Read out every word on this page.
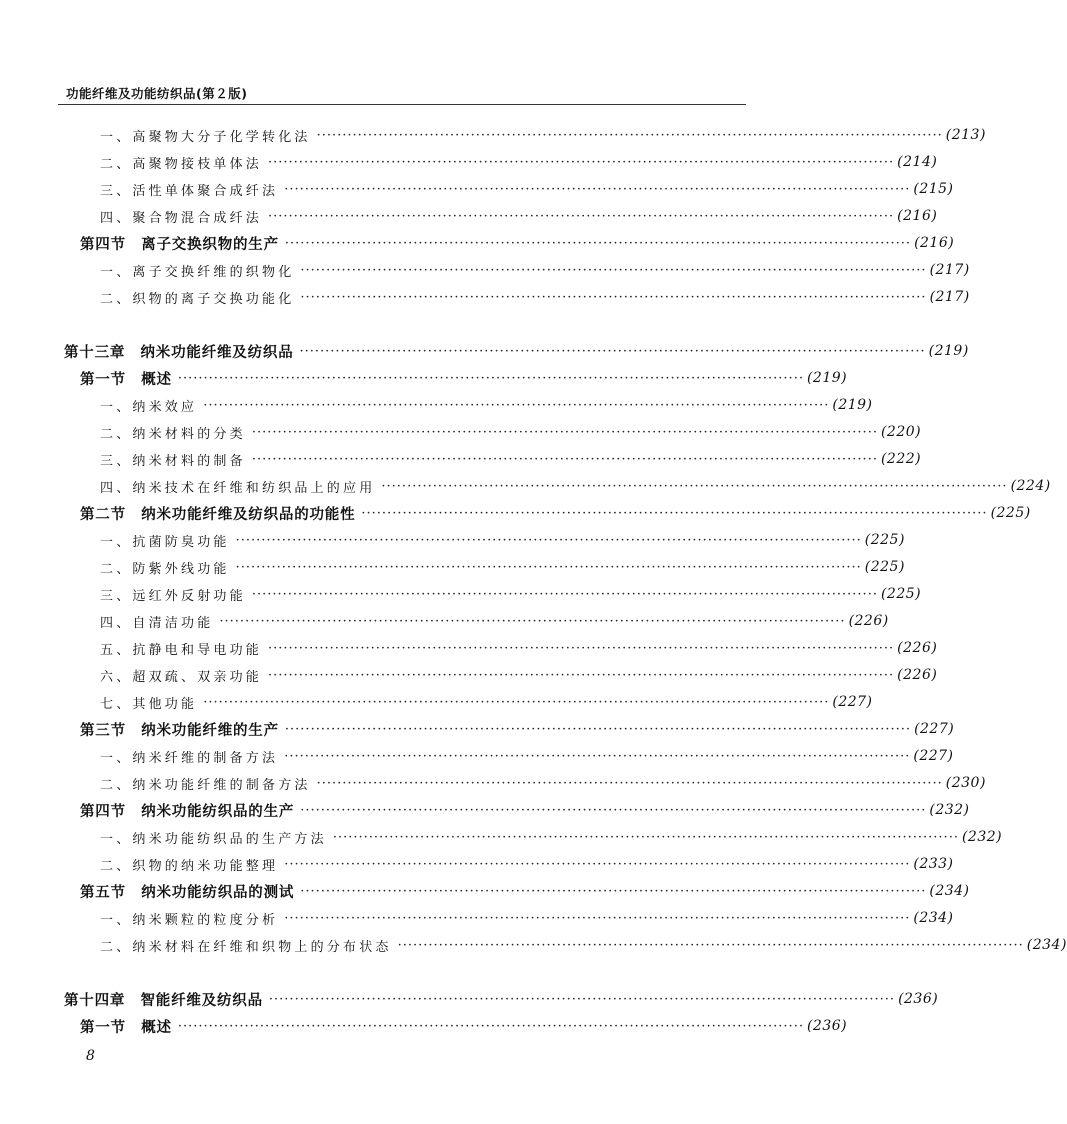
功能纤维及功能纺织品(第２版)
一、高聚物大分子化学转化法 ·························································································································· (213)
二、高聚物接枝单体法 ·························································································································· (214)
三、活性单体聚合成纤法 ·························································································································· (215)
四、聚合物混合成纤法 ·························································································································· (216)
第四节　离子交换织物的生产 ·························································································································· (216)
一、离子交换纤维的织物化 ·························································································································· (217)
二、织物的离子交换功能化 ·························································································································· (217)
第十三章　纳米功能纤维及纺织品 ·························································································································· (219)
第一节　概述 ·························································································································· (219)
一、纳米效应 ·························································································································· (219)
二、纳米材料的分类 ·························································································································· (220)
三、纳米材料的制备 ·························································································································· (222)
四、纳米技术在纤维和纺织品上的应用 ·························································································································· (224)
第二节　纳米功能纤维及纺织品的功能性 ·························································································································· (225)
一、抗菌防臭功能 ·························································································································· (225)
二、防紫外线功能 ·························································································································· (225)
三、远红外反射功能 ·························································································································· (225)
四、自清洁功能 ·························································································································· (226)
五、抗静电和导电功能 ·························································································································· (226)
六、超双疏、双亲功能 ·························································································································· (226)
七、其他功能 ·························································································································· (227)
第三节　纳米功能纤维的生产 ·························································································································· (227)
一、纳米纤维的制备方法 ·························································································································· (227)
二、纳米功能纤维的制备方法 ·························································································································· (230)
第四节　纳米功能纺织品的生产 ·························································································································· (232)
一、纳米功能纺织品的生产方法 ·························································································································· (232)
二、织物的纳米功能整理 ·························································································································· (233)
第五节　纳米功能纺织品的测试 ·························································································································· (234)
一、纳米颗粒的粒度分析 ·························································································································· (234)
二、纳米材料在纤维和织物上的分布状态 ·························································································································· (234)
第十四章　智能纤维及纺织品 ·························································································································· (236)
第一节　概述 ·························································································································· (236)
8
